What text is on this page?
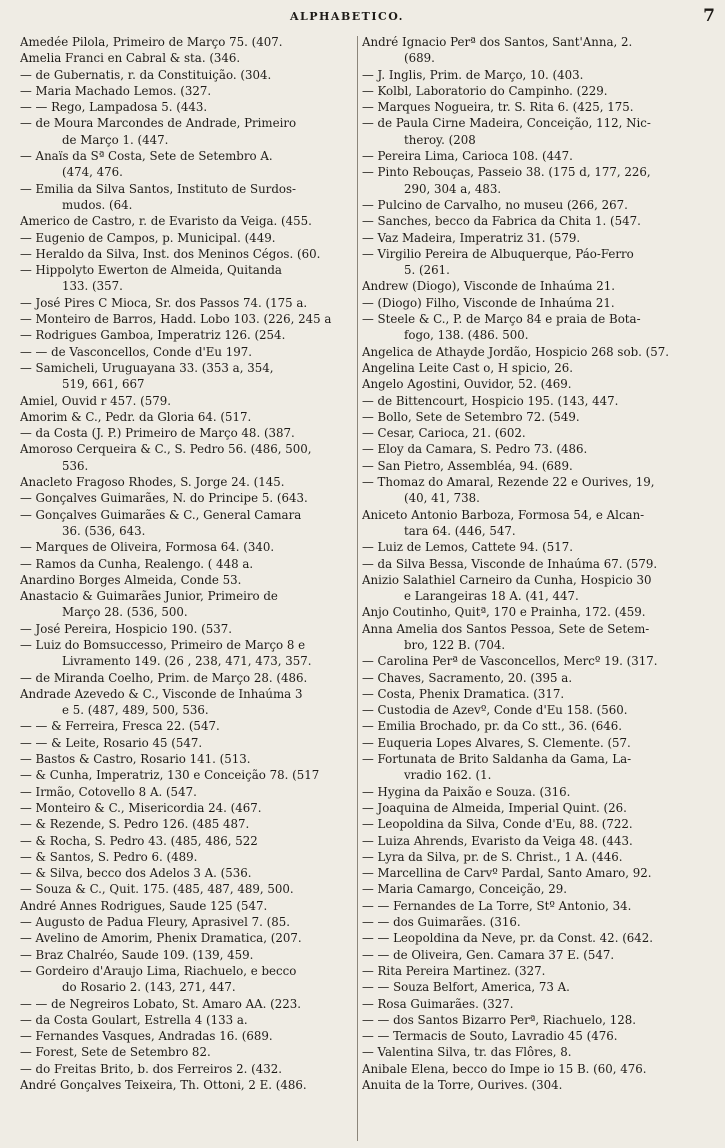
ALPHABETICO.	7
Amedée Pilola, Primeiro de Março 75. (407.
Amelia Franci en Cabral & sta. (346.
— de Gubernatis, r. da Constituição. (304.
— Maria Machado Lemos. (327.
— — Rego, Lampadosa 5. (443.
— de Moura Marcondes de Andrade, Primeiro
de Março 1. (447.
— Anaïs da Sª Costa, Sete de Setembro A.
(474, 476.
— Emilia da Silva Santos, Instituto de Surdos-
mudos. (64.
Americo de Castro, r. de Evaristo da Veiga. (455.
— Eugenio de Campos, p. Municipal. (449.
— Heraldo da Silva, Inst. dos Meninos Cégos. (60.
— Hippolyto Ewerton de Almeida, Quitanda
133. (357.
— José Pires C Mioca, Sr. dos Passos 74. (175 a.
— Monteiro de Barros, Hadd. Lobo 103. (226, 245 a
— Rodrigues Gamboa, Imperatriz 126. (254.
— — de Vasconcellos, Conde d'Eu 197.
— Samicheli, Uruguayana 33. (353 a, 354,
519, 661, 667
Amiel, Ouvid r 457. (579.
Amorim & C., Pedr. da Gloria 64. (517.
— da Costa (J. P.) Primeiro de Março 48. (387.
Amoroso Cerqueira & C., S. Pedro 56. (486, 500,
536.
Anacleto Fragoso Rhodes, S. Jorge 24. (145.
— Gonçalves Guimarães, N. do Principe 5. (643.
— Gonçalves Guimarães & C., General Camara
36. (536, 643.
— Marques de Oliveira, Formosa 64. (340.
— Ramos da Cunha, Realengo. ( 448 a.
Anardino Borges Almeida, Conde 53.
Anastacio & Guimarães Junior, Primeiro de
Março 28. (536, 500.
— José Pereira, Hospicio 190. (537.
— Luiz do Bomsuccesso, Primeiro de Março 8 e
Livramento 149. (26 , 238, 471, 473, 357.
— de Miranda Coelho, Prim. de Março 28. (486.
Andrade Azevedo & C., Visconde de Inhaúma 3
e 5. (487, 489, 500, 536.
— — & Ferreira, Fresca 22. (547.
— — & Leite, Rosario 45 (547.
— Bastos & Castro, Rosario 141. (513.
— & Cunha, Imperatriz, 130 e Conceição 78. (517
— Irmão, Cotovello 8 A. (547.
— Monteiro & C., Misericordia 24. (467.
— & Rezende, S. Pedro 126. (485 487.
— & Rocha, S. Pedro 43. (485, 486, 522
— & Santos, S. Pedro 6. (489.
— & Silva, becco dos Adelos 3 A. (536.
— Souza & C., Quit. 175. (485, 487, 489, 500.
André Annes Rodrigues, Saude 125 (547.
— Augusto de Padua Fleury, Aprasivel 7. (85.
— Avelino de Amorim, Phenix Dramatica, (207.
— Braz Chalréo, Saude 109. (139, 459.
— Gordeiro d'Araujo Lima, Riachuelo, e becco
do Rosario 2. (143, 271, 447.
— — de Negreiros Lobato, St. Amaro AA. (223.
— da Costa Goulart, Estrella 4 (133 a.
— Fernandes Vasques, Andradas 16. (689.
— Forest, Sete de Setembro 82.
— do Freitas Brito, b. dos Ferreiros 2. (432.
André Gonçalves Teixeira, Th. Ottoni, 2 E. (486.
André Ignacio Perª dos Santos, Sant'Anna, 2.
(689.
— J. Inglis, Prim. de Março, 10. (403.
— Kolbl, Laboratorio do Campinho. (229.
— Marques Nogueira, tr. S. Rita 6. (425, 175.
— de Paula Cirne Madeira, Conceição, 112, Nic-
theroy. (208
— Pereira Lima, Carioca 108. (447.
— Pinto Rebouças, Passeio 38. (175 d, 177, 226,
290, 304 a, 483.
— Pulcino de Carvalho, no museu (266, 267.
— Sanches, becco da Fabrica da Chita 1. (547.
— Vaz Madeira, Imperatriz 31. (579.
— Virgilio Pereira de Albuquerque, Páo-Ferro
5. (261.
Andrew (Diogo), Visconde de Inhaúma 21.
— (Diogo) Filho, Visconde de Inhaúma 21.
— Steele & C., P. de Março 84 e praia de Bota-
fogo, 138. (486. 500.
Angelica de Athayde Jordão, Hospicio 268 sob. (57.
Angelina Leite Cast o, H spicio, 26.
Angelo Agostini, Ouvidor, 52. (469.
— de Bittencourt, Hospicio 195. (143, 447.
— Bollo, Sete de Setembro 72. (549.
— Cesar, Carioca, 21. (602.
— Eloy da Camara, S. Pedro 73. (486.
— San Pietro, Assembléa, 94. (689.
— Thomaz do Amaral, Rezende 22 e Ourives, 19,
(40, 41, 738.
Aniceto Antonio Barboza, Formosa 54, e Alcan-
tara 64. (446, 547.
— Luiz de Lemos, Cattete 94. (517.
— da Silva Bessa, Visconde de Inhaúma 67. (579.
Anizio Salathiel Carneiro da Cunha, Hospicio 30
e Larangeiras 18 A. (41, 447.
Anjo Coutinho, Quitª, 170 e Prainha, 172. (459.
Anna Amelia dos Santos Pessoa, Sete de Setem-
bro, 122 B. (704.
— Carolina Perª de Vasconcellos, Mercº 19. (317.
— Chaves, Sacramento, 20. (395 a.
— Costa, Phenix Dramatica. (317.
— Custodia de Azevº, Conde d'Eu 158. (560.
— Emilia Brochado, pr. da Co stt., 36. (646.
— Euqueria Lopes Alvares, S. Clemente. (57.
— Fortunata de Brito Saldanha da Gama, La-
vradio 162. (1.
— Hygina da Paixão e Souza. (316.
— Joaquina de Almeida, Imperial Quint. (26.
— Leopoldina da Silva, Conde d'Eu, 88. (722.
— Luiza Ahrends, Evaristo da Veiga 48. (443.
— Lyra da Silva, pr. de S. Christ., 1 A. (446.
— Marcellina de Carvº Pardal, Santo Amaro, 92.
— Maria Camargo, Conceição, 29.
— — Fernandes de La Torre, Stº Antonio, 34.
— — dos Guimarães. (316.
— — Leopoldina da Neve, pr. da Const. 42. (642.
— — de Oliveira, Gen. Camara 37 E. (547.
— Rita Pereira Martinez. (327.
— — Souza Belfort, America, 73 A.
— Rosa Guimarães. (327.
— — dos Santos Bizarro Perª, Riachuelo, 128.
— — Termacis de Souto, Lavradio 45 (476.
— Valentina Silva, tr. das Flôres, 8.
Anibale Elena, becco do Impe io 15 B. (60, 476.
Anuita de la Torre, Ourives. (304.
